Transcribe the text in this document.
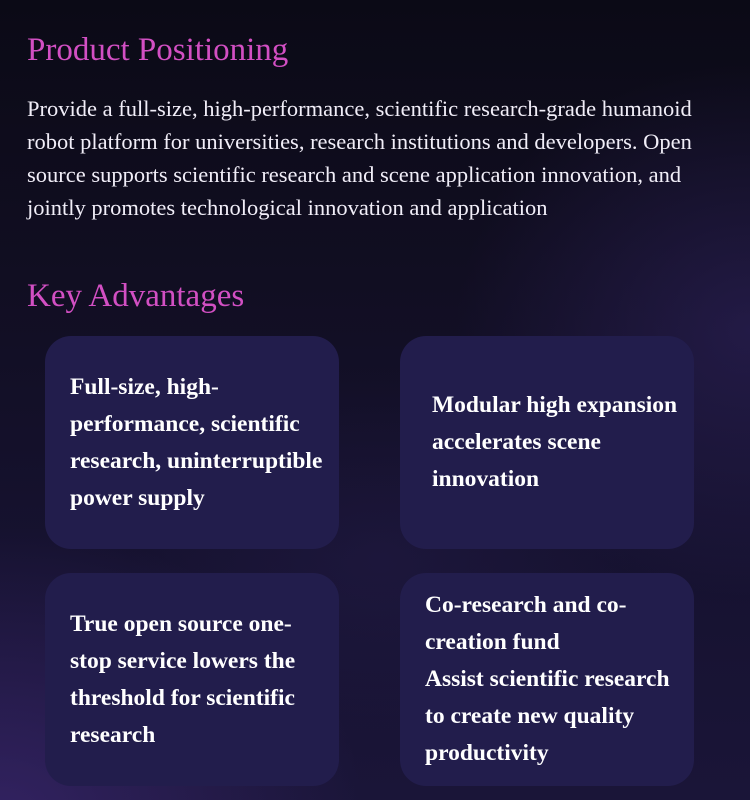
Product Positioning

Provide a full-size, high-performance, scientific research-grade humanoid robot platform for universities, research institutions and developers. Open source supports scientific research and scene application innovation, and jointly promotes technological innovation and application

Key Advantages

Full-size, high-performance, scientific research, uninterruptible power supply

Modular high expansion accelerates scene innovation

True open source one-stop service lowers the threshold for scientific research

Co-research and co-creation fund
Assist scientific research to create new quality productivity
